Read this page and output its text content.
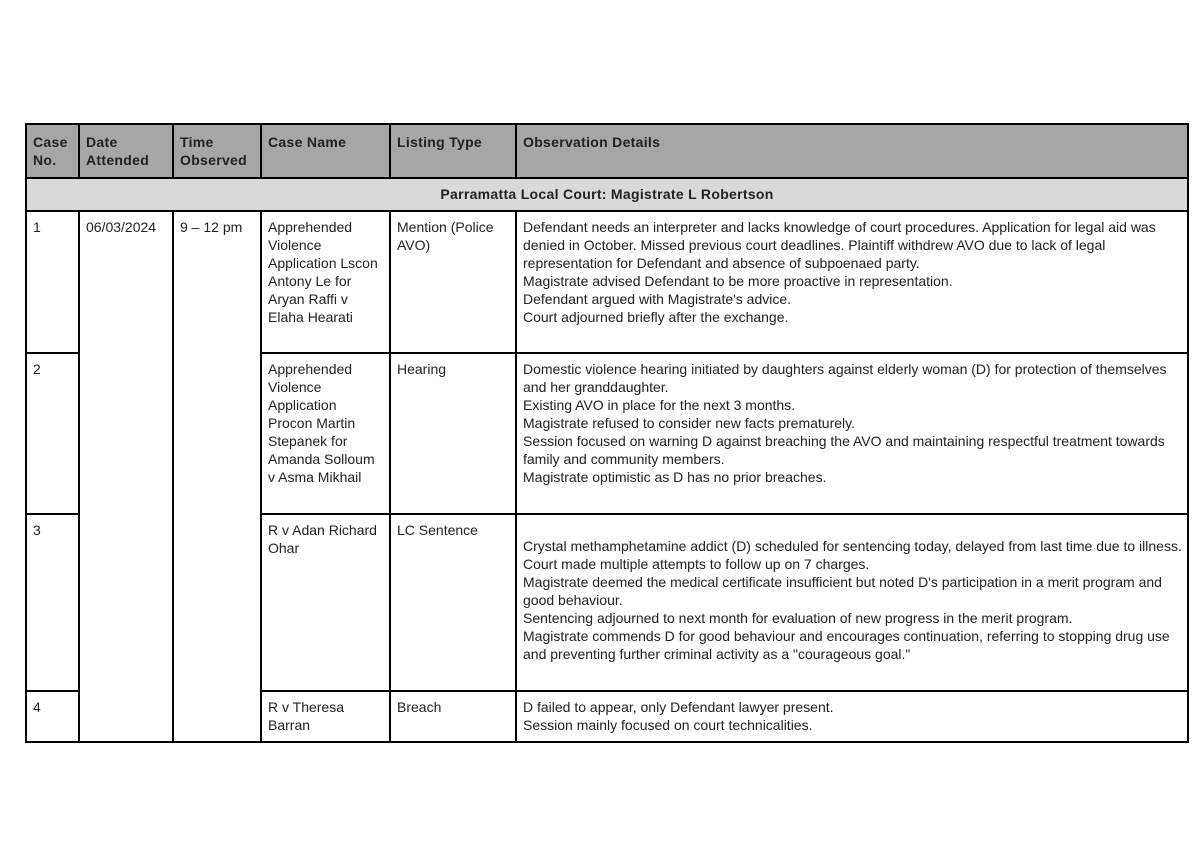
Case No.	Date Attended	Time Observed	Case Name	Listing Type	Observation Details
Parramatta Local Court: Magistrate L Robertson					
1	06/03/2024	9 – 12 pm	Apprehended Violence Application Lscon Antony Le for Aryan Raffi v Elaha Hearati	Mention (Police AVO)	Defendant needs an interpreter and lacks knowledge of court procedures. Application for legal aid was denied in October. Missed previous court deadlines. Plaintiff withdrew AVO due to lack of legal representation for Defendant and absence of subpoenaed party.
Magistrate advised Defendant to be more proactive in representation.
Defendant argued with Magistrate's advice.
Court adjourned briefly after the exchange.

2			Apprehended Violence Application Procon Martin Stepanek for Amanda Solloum v Asma Mikhail	Hearing	Domestic violence hearing initiated by daughters against elderly woman (D) for protection of themselves and her granddaughter.
Existing AVO in place for the next 3 months.
Magistrate refused to consider new facts prematurely.
Session focused on warning D against breaching the AVO and maintaining respectful treatment towards family and community members.
Magistrate optimistic as D has no prior breaches.

3			R v Adan Richard Ohar	LC Sentence	Crystal methamphetamine addict (D) scheduled for sentencing today, delayed from last time due to illness.
Court made multiple attempts to follow up on 7 charges.
Magistrate deemed the medical certificate insufficient but noted D's participation in a merit program and good behaviour.
Sentencing adjourned to next month for evaluation of new progress in the merit program.
Magistrate commends D for good behaviour and encourages continuation, referring to stopping drug use and preventing further criminal activity as a "courageous goal."

4			R v Theresa Barran	Breach	D failed to appear, only Defendant lawyer present.
Session mainly focused on court technicalities.
